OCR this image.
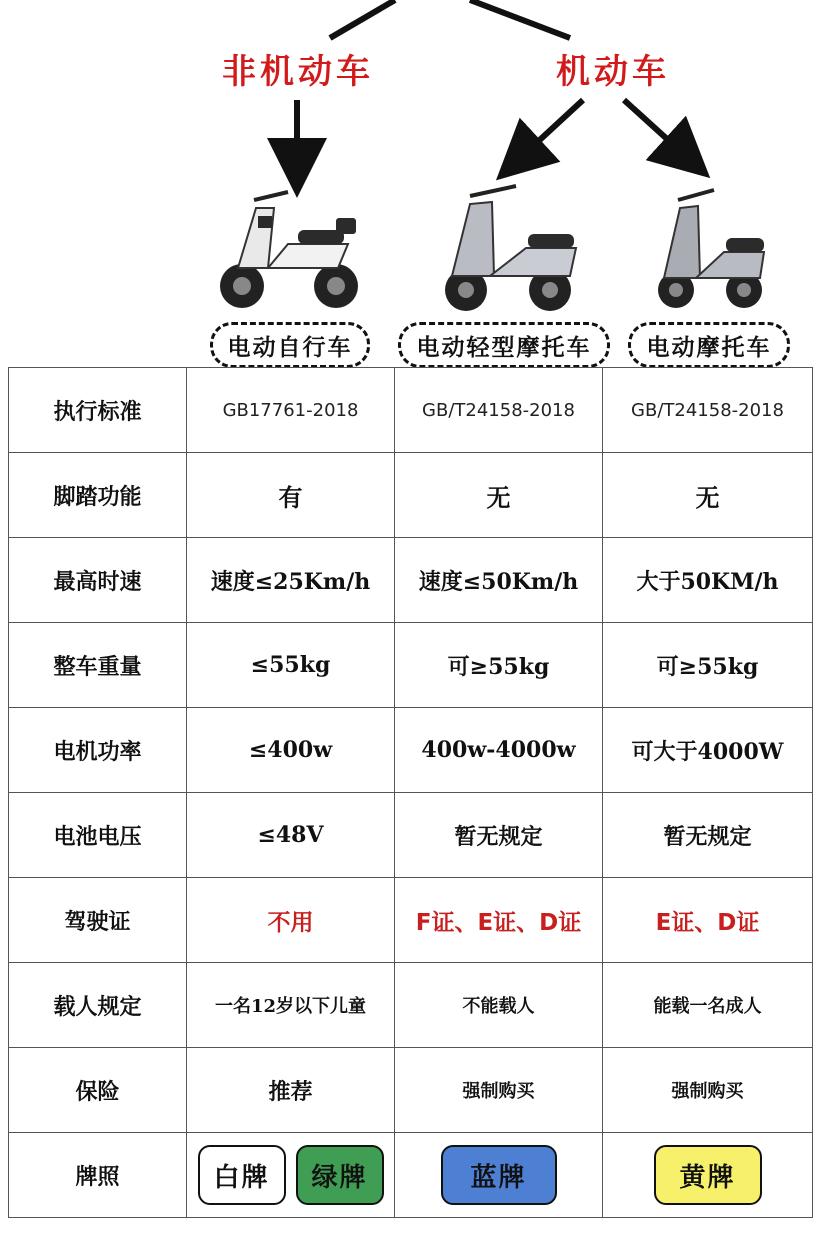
非机动车	机动车
电动自行车	电动轻型摩托车	电动摩托车
执行标准	GB17761-2018	GB/T24158-2018	GB/T24158-2018
脚踏功能	有	无	无
最高时速	速度≤25Km/h	速度≤50Km/h	大于50KM/h
整车重量	≤55kg	可≥55kg	可≥55kg
电机功率	≤400w	400w-4000w	可大于4000W
电池电压	≤48V	暂无规定	暂无规定
驾驶证	不用	F证、E证、D证	E证、D证
载人规定	一名12岁以下儿童	不能载人	能载一名成人
保险	推荐	强制购买	强制购买
牌照	白牌 绿牌	蓝牌	黄牌
